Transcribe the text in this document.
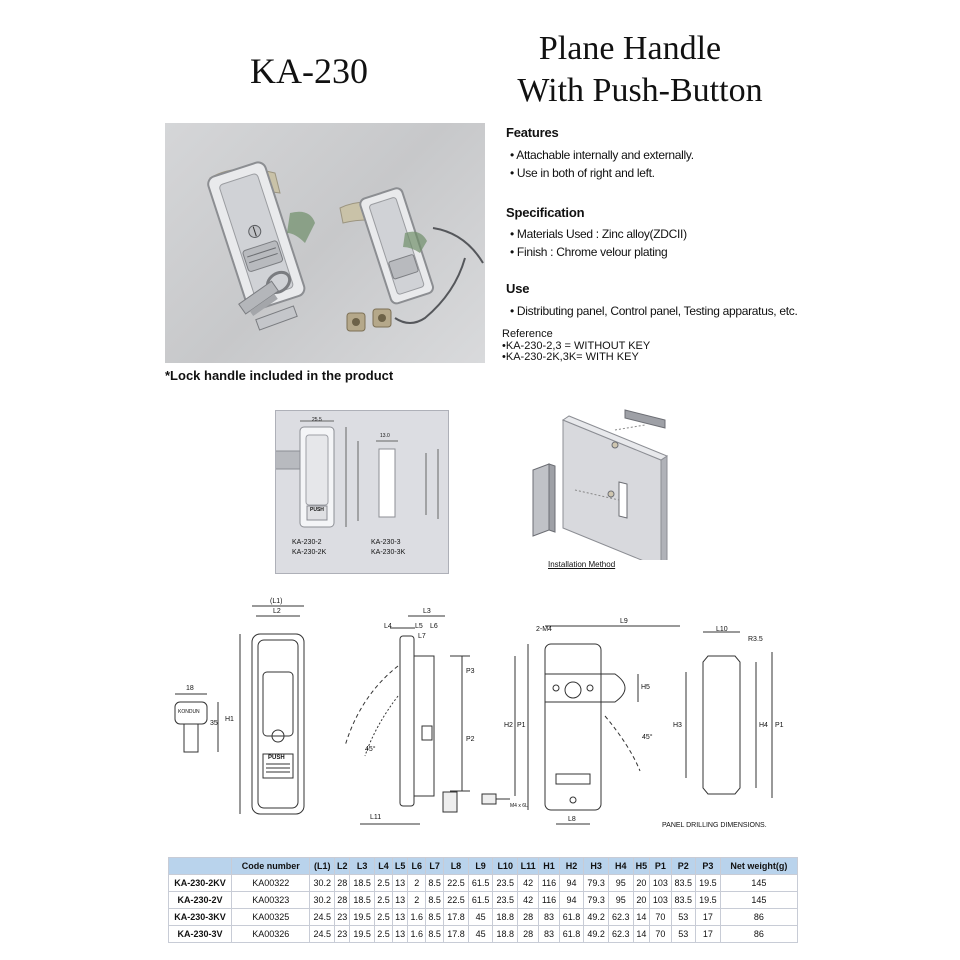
KA-230
Plane Handle
With Push-Button
*Lock handle included in the product
Features
• Attachable internally and externally.
• Use in both of right and left.
Specification
• Materials Used : Zinc alloy(ZDCII)
• Finish : Chrome velour plating
Use
• Distributing panel, Control panel, Testing apparatus, etc.
Reference
•KA-230-2,3 = WITHOUT KEY
•KA-230-2K,3K= WITH KEY
25.5
13.0
PUSH
KA-230-2
KA-230-2K
KA-230-3
KA-230-3K
Installation Method
(L1)
L2
H1
PUSH
18
35
KONDUN
L3
L4	L5 L6
L7
P3
P2
45°
L11
M4 x 6L
2-M4
L9
H2 P1
H5
45°
L8
L10
R3.5
H3	H4 P1
PANEL DRILLING DIMENSIONS.
	Code number	(L1)	L2	L3	L4	L5	L6	L7	L8	L9	L10	L11	H1	H2	H3	H4	H5	P1	P2	P3	Net weight(g)
KA-230-2KV	KA00322	30.2	28	18.5	2.5	13	2	8.5	22.5	61.5	23.5	42	116	94	79.3	95	20	103	83.5	19.5	145
KA-230-2V	KA00323	30.2	28	18.5	2.5	13	2	8.5	22.5	61.5	23.5	42	116	94	79.3	95	20	103	83.5	19.5	145
KA-230-3KV	KA00325	24.5	23	19.5	2.5	13	1.6	8.5	17.8	45	18.8	28	83	61.8	49.2	62.3	14	70	53	17	86
KA-230-3V	KA00326	24.5	23	19.5	2.5	13	1.6	8.5	17.8	45	18.8	28	83	61.8	49.2	62.3	14	70	53	17	86
